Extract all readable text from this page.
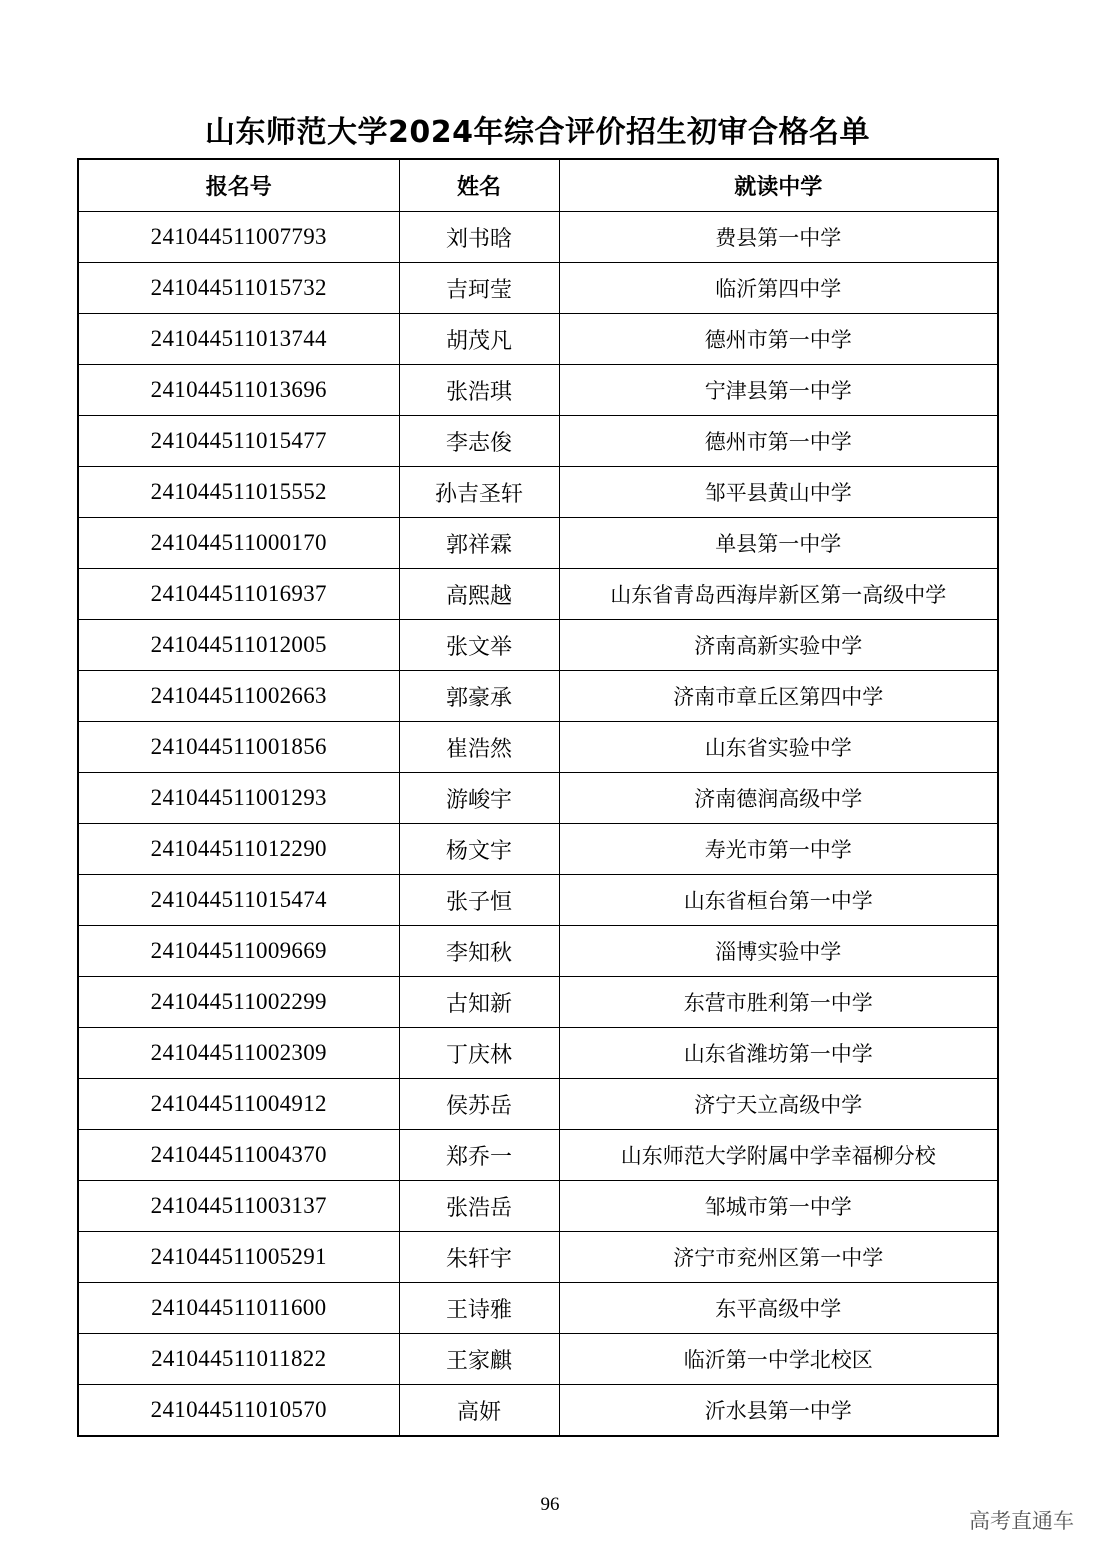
山东师范大学2024年综合评价招生初审合格名单
报名号	姓名	就读中学
241044511007793	刘书晗	费县第一中学
241044511015732	吉珂莹	临沂第四中学
241044511013744	胡茂凡	德州市第一中学
241044511013696	张浩琪	宁津县第一中学
241044511015477	李志俊	德州市第一中学
241044511015552	孙吉圣轩	邹平县黄山中学
241044511000170	郭祥霖	单县第一中学
241044511016937	高熙越	山东省青岛西海岸新区第一高级中学
241044511012005	张文举	济南高新实验中学
241044511002663	郭豪承	济南市章丘区第四中学
241044511001856	崔浩然	山东省实验中学
241044511001293	游峻宇	济南德润高级中学
241044511012290	杨文宇	寿光市第一中学
241044511015474	张子恒	山东省桓台第一中学
241044511009669	李知秋	淄博实验中学
241044511002299	古知新	东营市胜利第一中学
241044511002309	丁庆林	山东省潍坊第一中学
241044511004912	侯苏岳	济宁天立高级中学
241044511004370	郑乔一	山东师范大学附属中学幸福柳分校
241044511003137	张浩岳	邹城市第一中学
241044511005291	朱轩宇	济宁市兖州区第一中学
241044511011600	王诗雅	东平高级中学
241044511011822	王家麒	临沂第一中学北校区
241044511010570	高妍	沂水县第一中学
96
高考直通车
